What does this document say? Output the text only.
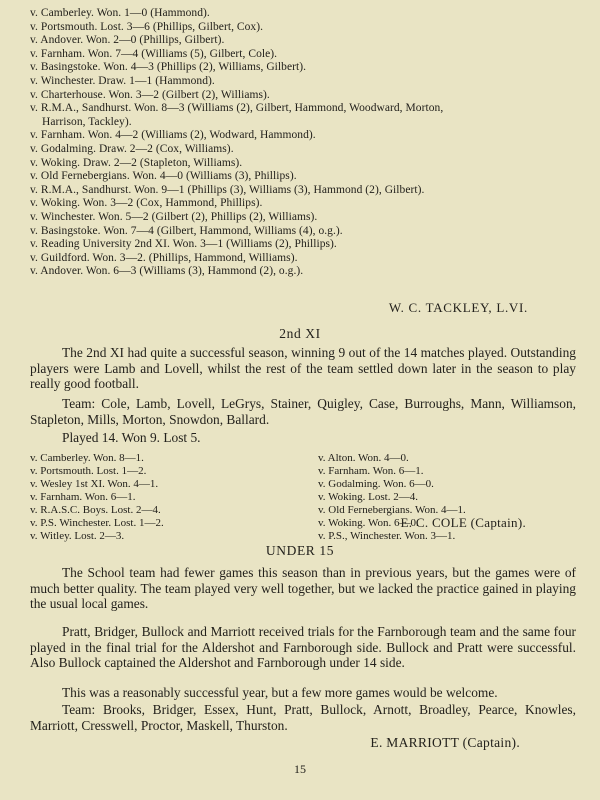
v. Camberley. Won. 1—0 (Hammond).
v. Portsmouth. Lost. 3—6 (Phillips, Gilbert, Cox).
v. Andover. Won. 2—0 (Phillips, Gilbert).
v. Farnham. Won. 7—4 (Williams (5), Gilbert, Cole).
v. Basingstoke. Won. 4—3 (Phillips (2), Williams, Gilbert).
v. Winchester. Draw. 1—1 (Hammond).
v. Charterhouse. Won. 3—2 (Gilbert (2), Williams).
v. R.M.A., Sandhurst. Won. 8—3 (Williams (2), Gilbert, Hammond, Woodward, Morton,
Harrison, Tackley).
v. Farnham. Won. 4—2 (Williams (2), Wodward, Hammond).
v. Godalming. Draw. 2—2 (Cox, Williams).
v. Woking. Draw. 2—2 (Stapleton, Williams).
v. Old Fernebergians. Won. 4—0 (Williams (3), Phillips).
v. R.M.A., Sandhurst. Won. 9—1 (Phillips (3), Williams (3), Hammond (2), Gilbert).
v. Woking. Won. 3—2 (Cox, Hammond, Phillips).
v. Winchester. Won. 5—2 (Gilbert (2), Phillips (2), Williams).
v. Basingstoke. Won. 7—4 (Gilbert, Hammond, Williams (4), o.g.).
v. Reading University 2nd XI. Won. 3—1 (Williams (2), Phillips).
v. Guildford. Won. 3—2. (Phillips, Hammond, Williams).
v. Andover. Won. 6—3 (Williams (3), Hammond (2), o.g.).
W. C. TACKLEY, L.VI.
2nd XI
The 2nd XI had quite a successful season, winning 9 out of the 14 matches played. Outstanding players were Lamb and Lovell, whilst the rest of the team settled down later in the season to play really good football.
Team: Cole, Lamb, Lovell, LeGrys, Stainer, Quigley, Case, Burroughs, Mann, Williamson, Stapleton, Mills, Morton, Snowdon, Ballard.
Played 14. Won 9. Lost 5.
v. Camberley. Won. 8—1.
v. Portsmouth. Lost. 1—2.
v. Wesley 1st XI. Won. 4—1.
v. Farnham. Won. 6—1.
v. R.A.S.C. Boys. Lost. 2—4.
v. P.S. Winchester. Lost. 1—2.
v. Witley. Lost. 2—3.
v. Alton. Won. 4—0.
v. Farnham. Won. 6—1.
v. Godalming. Won. 6—0.
v. Woking. Lost. 2—4.
v. Old Fernebergians. Won. 4—1.
v. Woking. Won. 6—0.
v. P.S., Winchester. Won. 3—1.
E. C. COLE (Captain).
UNDER 15
The School team had fewer games this season than in previous years, but the games were of much better quality. The team played very well together, but we lacked the practice gained in playing the usual local games.
Pratt, Bridger, Bullock and Marriott received trials for the Farnborough team and the same four played in the final trial for the Aldershot and Farnborough side. Bullock and Pratt were successful. Also Bullock captained the Aldershot and Farnborough under 14 side.
This was a reasonably successful year, but a few more games would be welcome.
Team: Brooks, Bridger, Essex, Hunt, Pratt, Bullock, Arnott, Broadley, Pearce, Knowles, Marriott, Cresswell, Proctor, Maskell, Thurston.
E. MARRIOTT (Captain).
15
